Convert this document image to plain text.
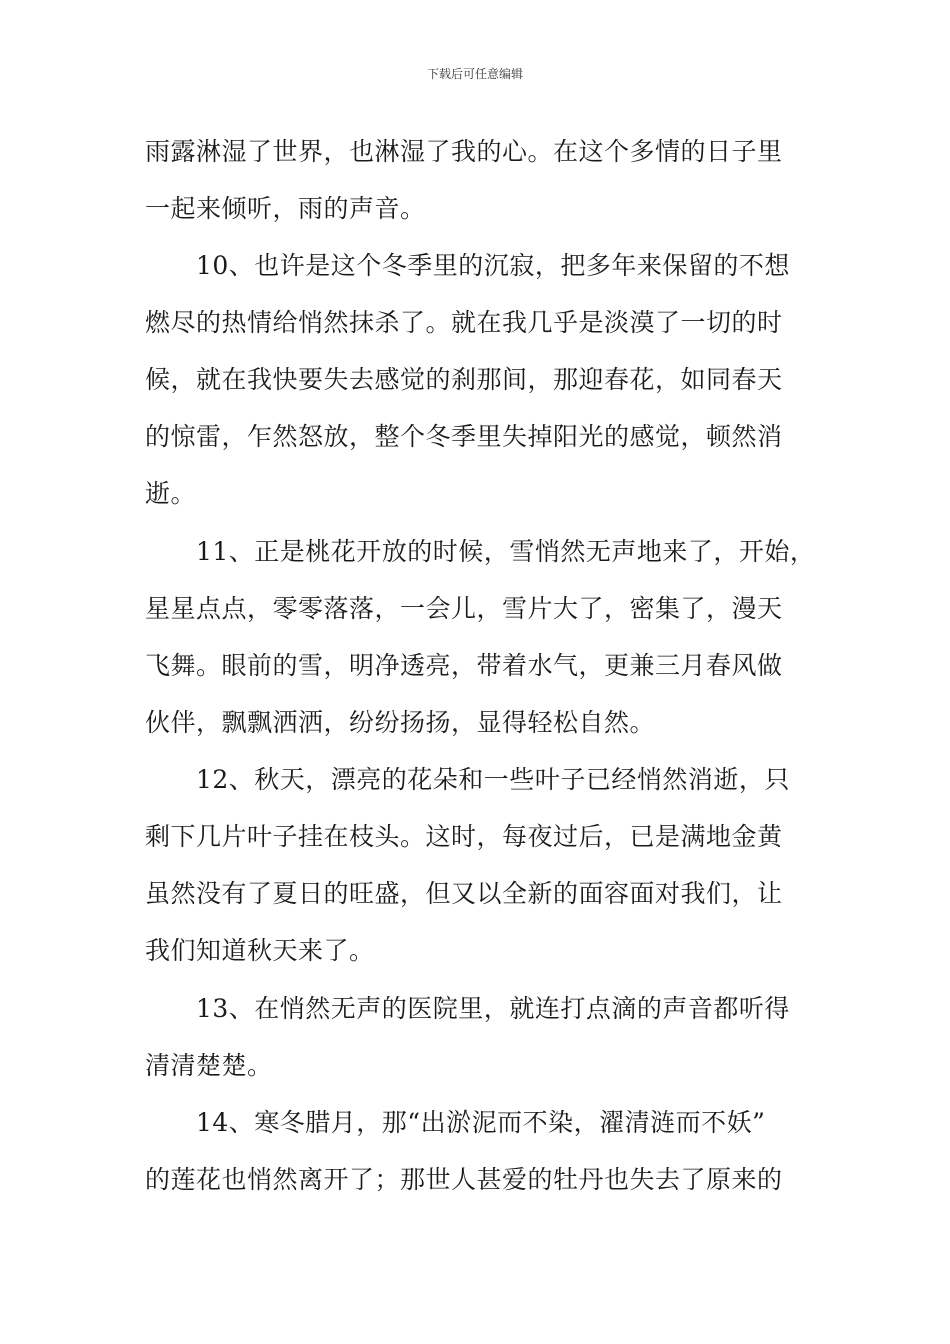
下载后可任意编辑
雨露淋湿了世界，也淋湿了我的心。在这个多情的日子里
一起来倾听，雨的声音。
10、也许是这个冬季里的沉寂，把多年来保留的不想
燃尽的热情给悄然抹杀了。就在我几乎是淡漠了一切的时
候，就在我快要失去感觉的刹那间，那迎春花，如同春天
的惊雷，乍然怒放，整个冬季里失掉阳光的感觉，顿然消
逝。
11、正是桃花开放的时候，雪悄然无声地来了，开始，
星星点点，零零落落，一会儿，雪片大了，密集了，漫天
飞舞。眼前的雪，明净透亮，带着水气，更兼三月春风做
伙伴，飘飘洒洒，纷纷扬扬，显得轻松自然。
12、秋天，漂亮的花朵和一些叶子已经悄然消逝，只
剩下几片叶子挂在枝头。这时，每夜过后，已是满地金黄
虽然没有了夏日的旺盛，但又以全新的面容面对我们，让
我们知道秋天来了。
13、在悄然无声的医院里，就连打点滴的声音都听得
清清楚楚。
14、寒冬腊月，那“出淤泥而不染，濯清涟而不妖”
的莲花也悄然离开了；那世人甚爱的牡丹也失去了原来的
